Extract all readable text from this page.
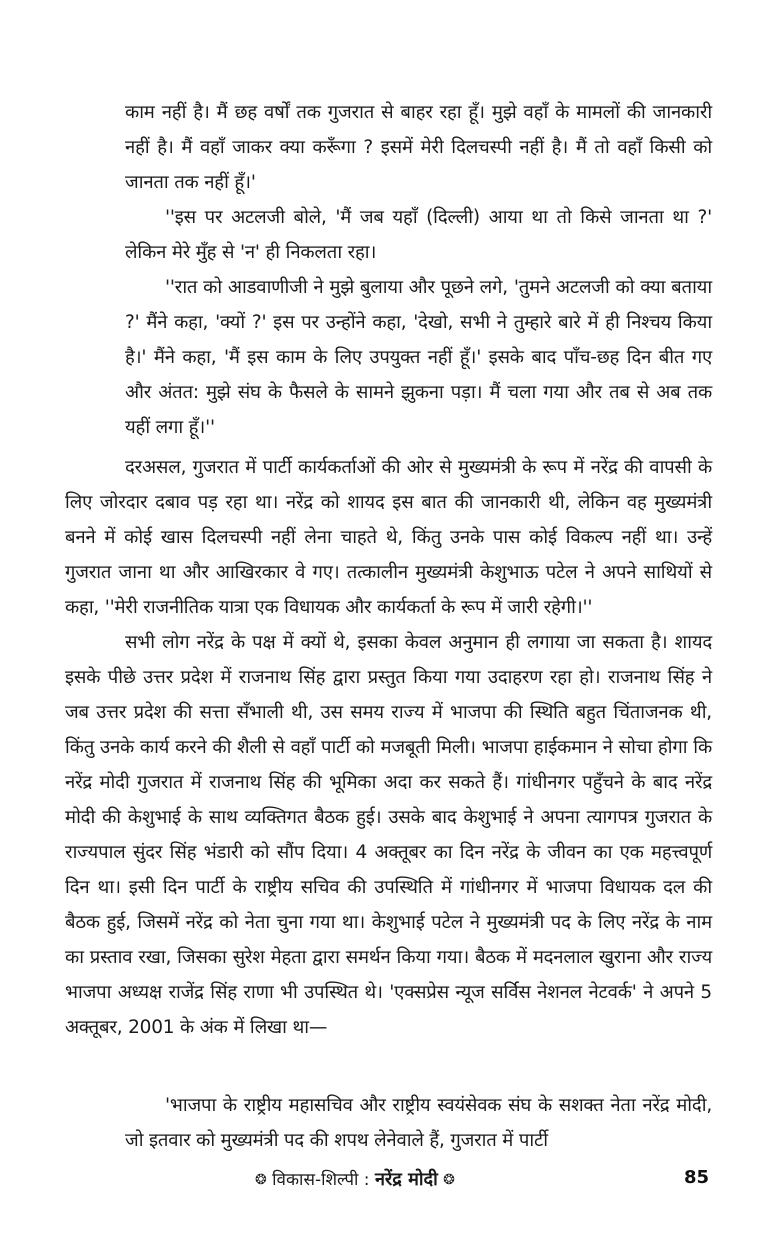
काम नहीं है। मैं छह वर्षों तक गुजरात से बाहर रहा हूँ। मुझे वहाँ के मामलों की जानकारी नहीं है। मैं वहाँ जाकर क्या करूँगा ? इसमें मेरी दिलचस्पी नहीं है। मैं तो वहाँ किसी को जानता तक नहीं हूँ।'

''इस पर अटलजी बोले, 'मैं जब यहाँ (दिल्ली) आया था तो किसे जानता था ?' लेकिन मेरे मुँह से 'न' ही निकलता रहा।

''रात को आडवाणीजी ने मुझे बुलाया और पूछने लगे, 'तुमने अटलजी को क्या बताया ?' मैंने कहा, 'क्यों ?' इस पर उन्होंने कहा, 'देखो, सभी ने तुम्हारे बारे में ही निश्चय किया है।' मैंने कहा, 'मैं इस काम के लिए उपयुक्त नहीं हूँ।' इसके बाद पाँच-छह दिन बीत गए और अंतत: मुझे संघ के फैसले के सामने झुकना पड़ा। मैं चला गया और तब से अब तक यहीं लगा हूँ।''

दरअसल, गुजरात में पार्टी कार्यकर्ताओं की ओर से मुख्यमंत्री के रूप में नरेंद्र की वापसी के लिए जोरदार दबाव पड़ रहा था। नरेंद्र को शायद इस बात की जानकारी थी, लेकिन वह मुख्यमंत्री बनने में कोई खास दिलचस्पी नहीं लेना चाहते थे, किंतु उनके पास कोई विकल्प नहीं था। उन्हें गुजरात जाना था और आखिरकार वे गए। तत्कालीन मुख्यमंत्री केशुभाऊ पटेल ने अपने साथियों से कहा, ''मेरी राजनीतिक यात्रा एक विधायक और कार्यकर्ता के रूप में जारी रहेगी।''

सभी लोग नरेंद्र के पक्ष में क्यों थे, इसका केवल अनुमान ही लगाया जा सकता है। शायद इसके पीछे उत्तर प्रदेश में राजनाथ सिंह द्वारा प्रस्तुत किया गया उदाहरण रहा हो। राजनाथ सिंह ने जब उत्तर प्रदेश की सत्ता सँभाली थी, उस समय राज्य में भाजपा की स्थिति बहुत चिंताजनक थी, किंतु उनके कार्य करने की शैली से वहाँ पार्टी को मजबूती मिली। भाजपा हाईकमान ने सोचा होगा कि नरेंद्र मोदी गुजरात में राजनाथ सिंह की भूमिका अदा कर सकते हैं। गांधीनगर पहुँचने के बाद नरेंद्र मोदी की केशुभाई के साथ व्यक्तिगत बैठक हुई। उसके बाद केशुभाई ने अपना त्यागपत्र गुजरात के राज्यपाल सुंदर सिंह भंडारी को सौंप दिया। 4 अक्तूबर का दिन नरेंद्र के जीवन का एक महत्त्वपूर्ण दिन था। इसी दिन पार्टी के राष्ट्रीय सचिव की उपस्थिति में गांधीनगर में भाजपा विधायक दल की बैठक हुई, जिसमें नरेंद्र को नेता चुना गया था। केशुभाई पटेल ने मुख्यमंत्री पद के लिए नरेंद्र के नाम का प्रस्ताव रखा, जिसका सुरेश मेहता द्वारा समर्थन किया गया। बैठक में मदनलाल खुराना और राज्य भाजपा अध्यक्ष राजेंद्र सिंह राणा भी उपस्थित थे। 'एक्सप्रेस न्यूज सर्विस नेशनल नेटवर्क' ने अपने 5 अक्तूबर, 2001 के अंक में लिखा था—

'भाजपा के राष्ट्रीय महासचिव और राष्ट्रीय स्वयंसेवक संघ के सशक्त नेता नरेंद्र मोदी, जो इतवार को मुख्यमंत्री पद की शपथ लेनेवाले हैं, गुजरात में पार्टी

❂ विकास-शिल्पी : नरेंद्र मोदी ❂	85
